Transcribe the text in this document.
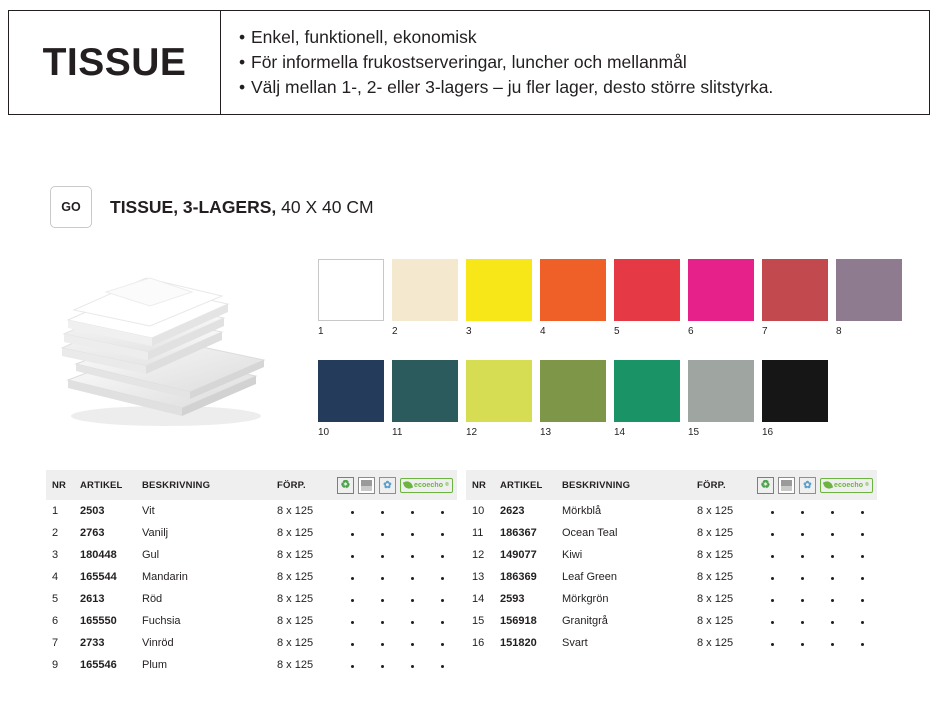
TISSUE
• Enkel, funktionell, ekonomisk
• För informella frukostserveringar, luncher och mellanmål
• Välj mellan 1-, 2- eller 3-lagers – ju fler lager, desto större slitstyrka.
GO	TISSUE, 3-LAGERS, 40 X 40 CM
1	2	3	4	5	6	7	8
10	11	12	13	14	15	16
NR	ARTIKEL	BESKRIVNING	FÖRP.	♻ ✿ ecoecho ®			

1	2503	Vit	8 x 125				
2	2763	Vanilj	8 x 125				
3	180448	Gul	8 x 125				
4	165544	Mandarin	8 x 125				
5	2613	Röd	8 x 125				
6	165550	Fuchsia	8 x 125				
7	2733	Vinröd	8 x 125				
9	165546	Plum	8 x 125				
NR	ARTIKEL	BESKRIVNING	FÖRP.	♻ ✿ ecoecho ®			

10	2623	Mörkblå	8 x 125				
11	186367	Ocean Teal	8 x 125				
12	149077	Kiwi	8 x 125				
13	186369	Leaf Green	8 x 125				
14	2593	Mörkgrön	8 x 125				
15	156918	Granitgrå	8 x 125				
16	151820	Svart	8 x 125				
